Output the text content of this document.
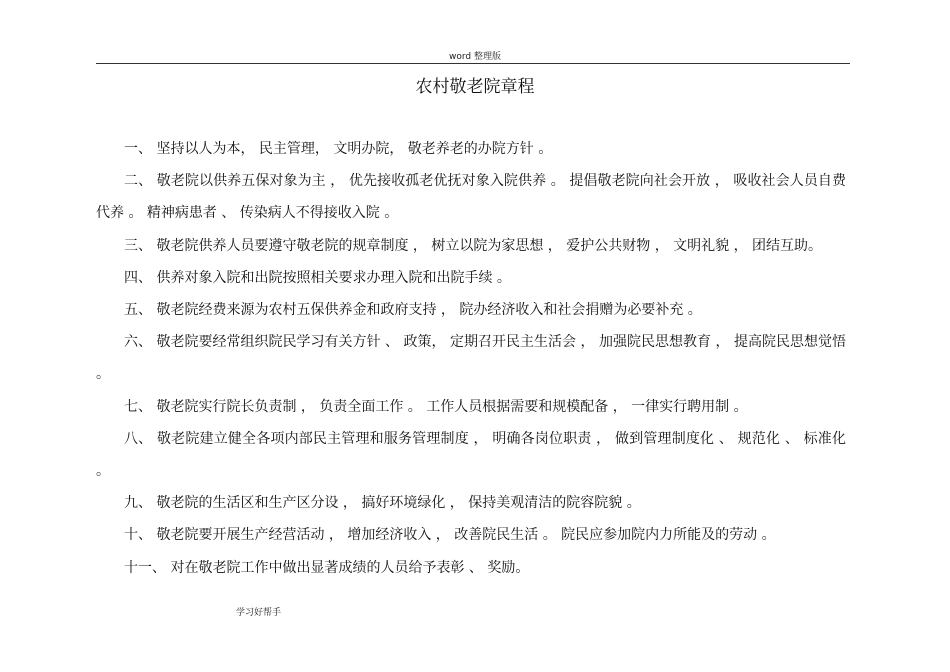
word 整理版
农村敬老院章程

一、 坚持以人为本， 民主管理， 文明办院， 敬老养老的办院方针 。

二、 敬老院以供养五保对象为主 ， 优先接收孤老优抚对象入院供养 。 提倡敬老院向社会开放 ， 吸收社会人员自费代养 。 精神病患者 、 传染病人不得接收入院 。

三、 敬老院供养人员要遵守敬老院的规章制度 ， 树立以院为家思想 ， 爱护公共财物 ， 文明礼貌 ， 团结互助。

四、 供养对象入院和出院按照相关要求办理入院和出院手续 。

五、 敬老院经费来源为农村五保供养金和政府支持 ， 院办经济收入和社会捐赠为必要补充 。

六、 敬老院要经常组织院民学习有关方针 、 政策， 定期召开民主生活会 ， 加强院民思想教育 ， 提高院民思想觉悟 。

七、 敬老院实行院长负责制 ， 负责全面工作 。 工作人员根据需要和规模配备 ， 一律实行聘用制 。

八、 敬老院建立健全各项内部民主管理和服务管理制度 ， 明确各岗位职责 ， 做到管理制度化 、 规范化 、 标准化 。

九、 敬老院的生活区和生产区分设 ， 搞好环境绿化 ， 保持美观清洁的院容院貌 。

十、 敬老院要开展生产经营活动 ， 增加经济收入 ， 改善院民生活 。 院民应参加院内力所能及的劳动 。

十一、 对在敬老院工作中做出显著成绩的人员给予表彰 、 奖励。

学习好帮手
